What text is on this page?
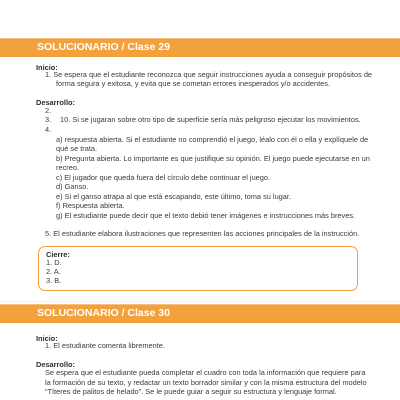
SOLUCIONARIO / Clase 29
Inicio:
1. Se espera que el estudiante reconozca que seguir instrucciones ayuda a conseguir propósitos de
forma segura y exitosa, y evita que se cometan errores inesperados y/o accidentes.
Desarrollo:
2.
3. 10. Si se jugaran sobre otro tipo de superficie sería más peligroso ejecutar los movimientos.
4.
a) respuesta abierta. Si el estudiante no comprendió el juego, léalo con él o ella y explíquele de
qué se trata.
b) Pregunta abierta. Lo importante es que justifique su opinión. El juego puede ejecutarse en un
recreo.
c) El jugador que queda fuera del círculo debe continuar el juego.
d) Ganso.
e) Si el ganso atrapa al que está escapando, este último, toma su lugar.
f) Respuesta abierta.
g) El estudiante puede decir que el texto debió tener imágenes e instrucciones más breves.
5. El estudiante elabora ilustraciones que representen las acciones principales de la instrucción.
Cierre:
1. D.
2. A.
3. B.
SOLUCIONARIO / Clase 30
Inicio:
1. El estudiante comenta libremente.
Desarrollo:
Se espera que el estudiante pueda completar el cuadro con toda la información que requiere para
la formación de su texto, y redactar un texto borrador similar y con la misma estructura del modelo
“Títeres de palitos de helado”. Se le puede guiar a seguir su estructura y lenguaje formal.
